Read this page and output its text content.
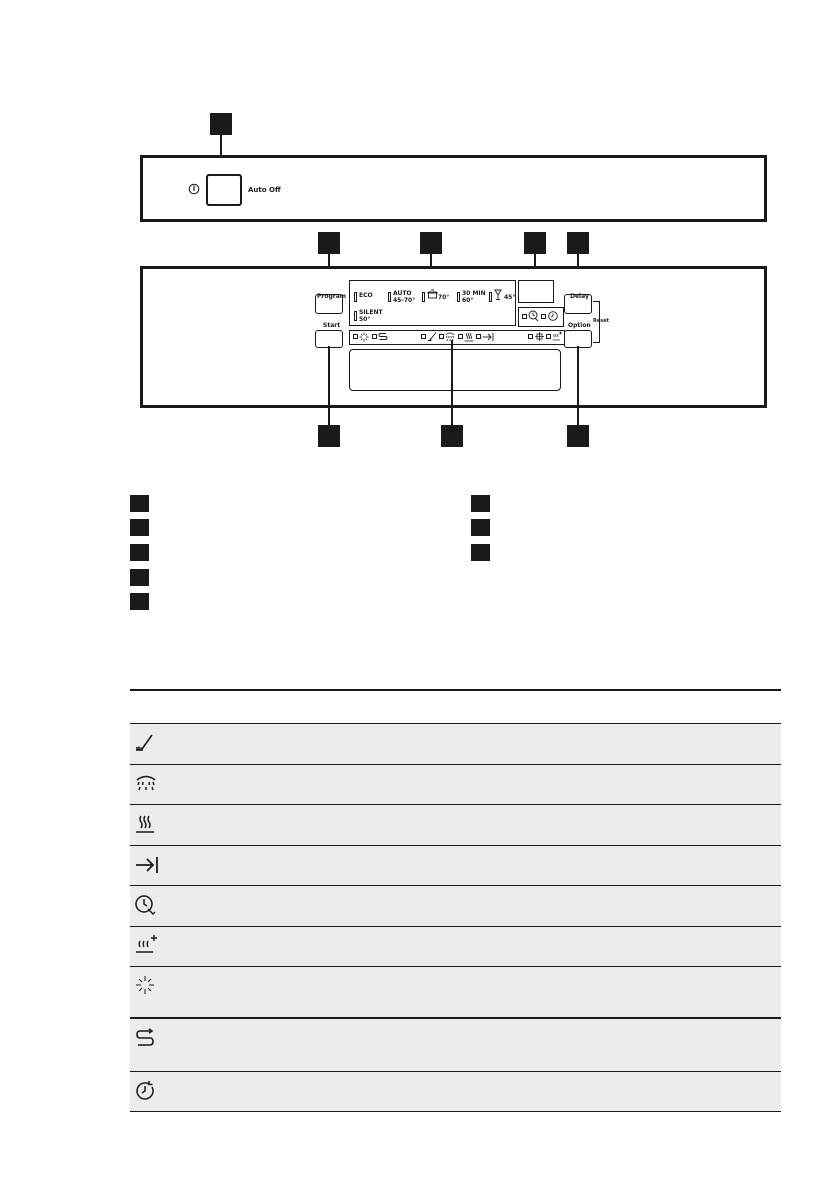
Auto Off
Program
Start
ECO	AUTO
45-70°	70°
30 MIN
60°	45°
SILENT
50°
Delay
Option
Reset
